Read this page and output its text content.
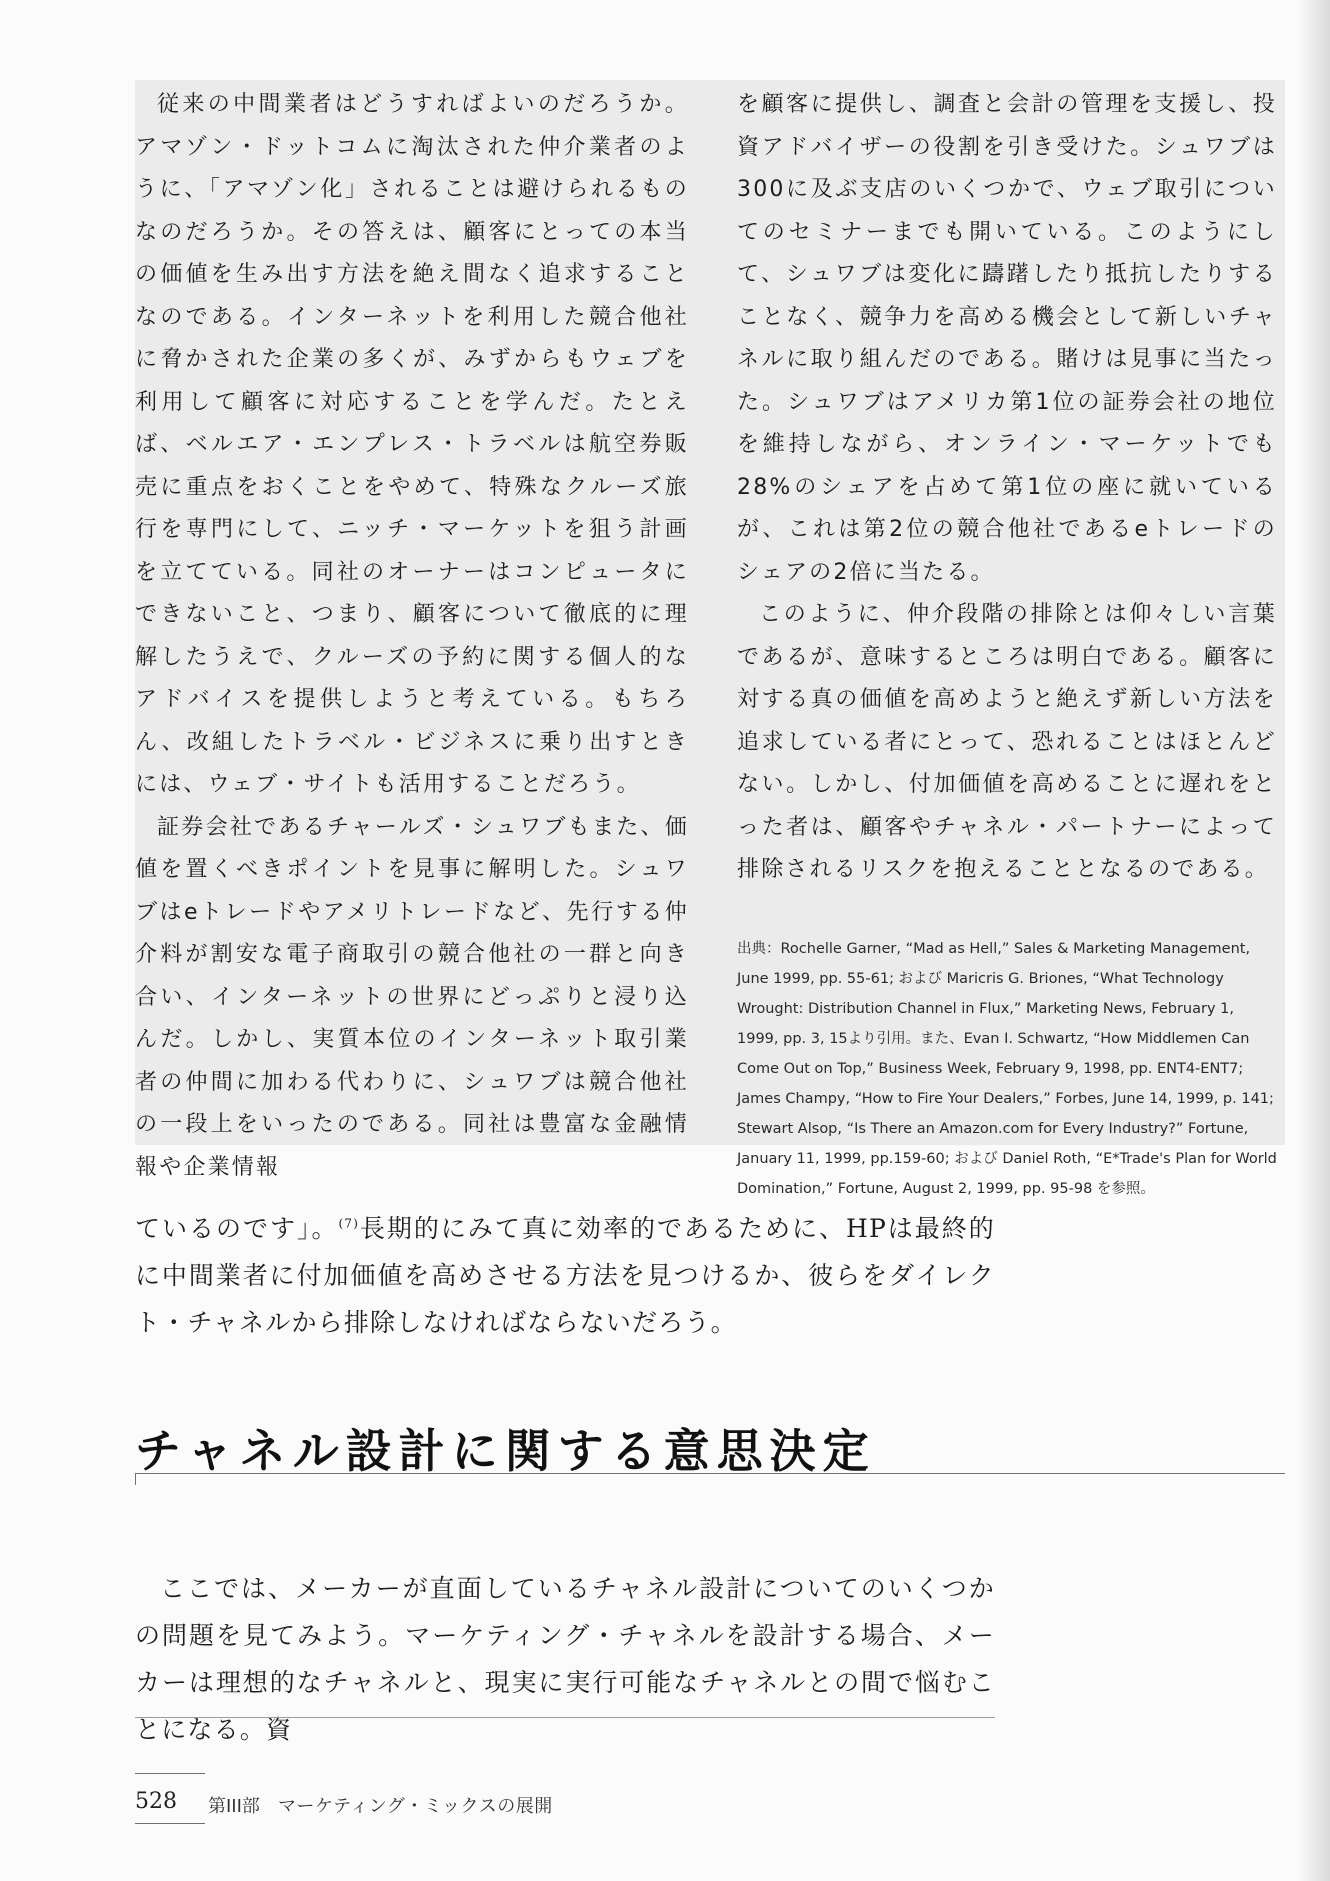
従来の中間業者はどうすればよいのだろうか。アマゾン・ドットコムに淘汰された仲介業者のように、「アマゾン化」されることは避けられるものなのだろうか。その答えは、顧客にとっての本当の価値を生み出す方法を絶え間なく追求することなのである。インターネットを利用した競合他社に脅かされた企業の多くが、みずからもウェブを利用して顧客に対応することを学んだ。たとえば、ベルエア・エンプレス・トラベルは航空券販売に重点をおくことをやめて、特殊なクルーズ旅行を専門にして、ニッチ・マーケットを狙う計画を立てている。同社のオーナーはコンピュータにできないこと、つまり、顧客について徹底的に理解したうえで、クルーズの予約に関する個人的なアドバイスを提供しようと考えている。もちろん、改組したトラベル・ビジネスに乗り出すときには、ウェブ・サイトも活用することだろう。

証券会社であるチャールズ・シュワブもまた、価値を置くべきポイントを見事に解明した。シュワブはeトレードやアメリトレードなど、先行する仲介料が割安な電子商取引の競合他社の一群と向き合い、インターネットの世界にどっぷりと浸り込んだ。しかし、実質本位のインターネット取引業者の仲間に加わる代わりに、シュワブは競合他社の一段上をいったのである。同社は豊富な金融情報や企業情報

を顧客に提供し、調査と会計の管理を支援し、投資アドバイザーの役割を引き受けた。シュワブは300に及ぶ支店のいくつかで、ウェブ取引についてのセミナーまでも開いている。このようにして、シュワブは変化に躊躇したり抵抗したりすることなく、競争力を高める機会として新しいチャネルに取り組んだのである。賭けは見事に当たった。シュワブはアメリカ第1位の証券会社の地位を維持しながら、オンライン・マーケットでも28%のシェアを占めて第1位の座に就いているが、これは第2位の競合他社であるeトレードのシェアの2倍に当たる。

このように、仲介段階の排除とは仰々しい言葉であるが、意味するところは明白である。顧客に対する真の価値を高めようと絶えず新しい方法を追求している者にとって、恐れることはほとんどない。しかし、付加価値を高めることに遅れをとった者は、顧客やチャネル・パートナーによって排除されるリスクを抱えることとなるのである。

出典：Rochelle Garner, “Mad as Hell,” Sales & Marketing Management, June 1999, pp. 55-61; および Maricris G. Briones, “What Technology Wrought: Distribution Channel in Flux,” Marketing News, February 1, 1999, pp. 3, 15より引用。また、Evan I. Schwartz, “How Middlemen Can Come Out on Top,” Business Week, February 9, 1998, pp. ENT4-ENT7; James Champy, “How to Fire Your Dealers,” Forbes, June 14, 1999, p. 141; Stewart Alsop, “Is There an Amazon.com for Every Industry?” Fortune, January 11, 1999, pp.159-60; および Daniel Roth, “E*Trade's Plan for World Domination,” Fortune, August 2, 1999, pp. 95-98 を参照。

ているのです」。$^{(7)}$長期的にみて真に効率的であるために、HPは最終的に中間業者に付加価値を高めさせる方法を見つけるか、彼らをダイレクト・チャネルから排除しなければならないだろう。

チャネル設計に関する意思決定

ここでは、メーカーが直面しているチャネル設計についてのいくつかの問題を見てみよう。マーケティング・チャネルを設計する場合、メーカーは理想的なチャネルと、現実に実行可能なチャネルとの間で悩むことになる。資

528 第III部 マーケティング・ミックスの展開
